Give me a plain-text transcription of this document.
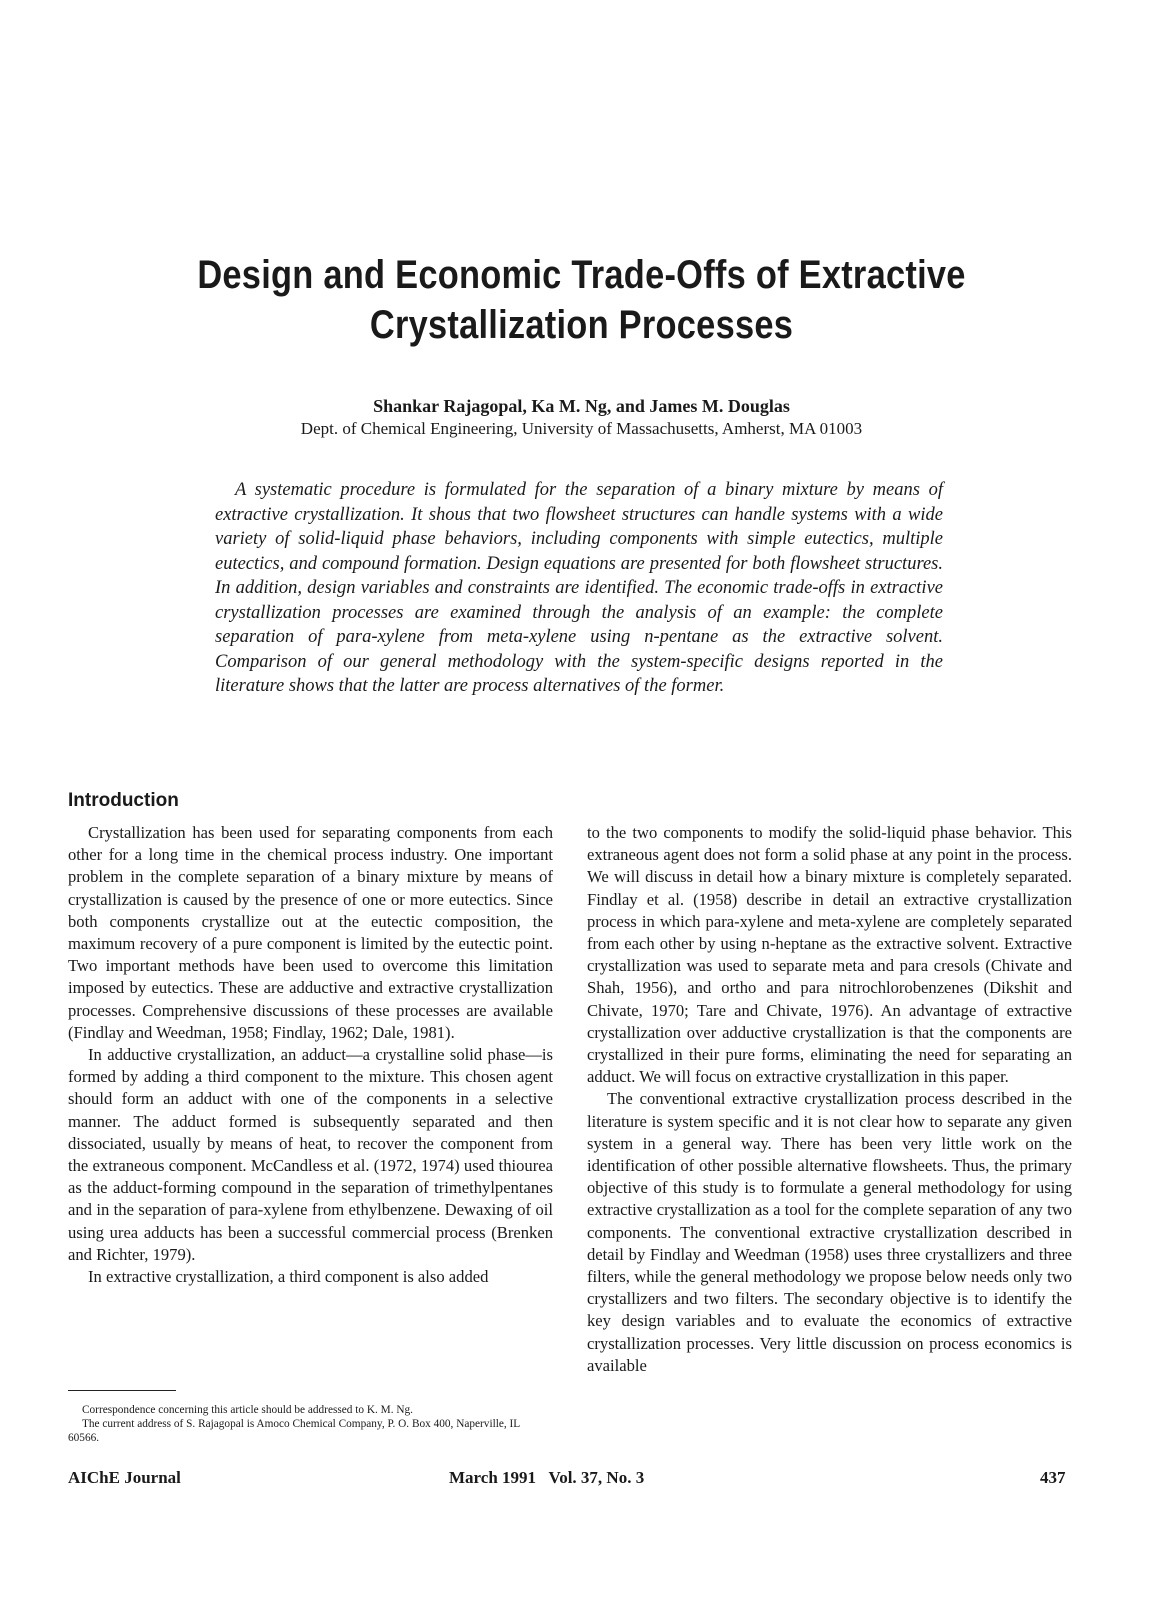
Design and Economic Trade-Offs of Extractive
Crystallization Processes
Shankar Rajagopal, Ka M. Ng, and James M. Douglas
Dept. of Chemical Engineering, University of Massachusetts, Amherst, MA 01003
A systematic procedure is formulated for the separation of a binary mixture by means of extractive crystallization. It shous that two flowsheet structures can handle systems with a wide variety of solid-liquid phase behaviors, including components with simple eutectics, multiple eutectics, and compound formation. Design equations are presented for both flowsheet structures. In addition, design variables and constraints are identified. The economic trade-offs in extractive crystallization processes are examined through the analysis of an example: the complete separation of para-xylene from meta-xylene using n-pentane as the extractive solvent. Comparison of our general methodology with the system-specific designs reported in the literature shows that the latter are process alternatives of the former.
Introduction

Crystallization has been used for separating components from each other for a long time in the chemical process industry. One important problem in the complete separation of a binary mixture by means of crystallization is caused by the presence of one or more eutectics. Since both components crystallize out at the eutectic composition, the maximum recovery of a pure component is limited by the eutectic point. Two important methods have been used to overcome this limitation imposed by eutectics. These are adductive and extractive crystallization processes. Comprehensive discussions of these processes are available (Findlay and Weedman, 1958; Findlay, 1962; Dale, 1981).

In adductive crystallization, an adduct—a crystalline solid phase—is formed by adding a third component to the mixture. This chosen agent should form an adduct with one of the components in a selective manner. The adduct formed is subsequently separated and then dissociated, usually by means of heat, to recover the component from the extraneous component. McCandless et al. (1972, 1974) used thiourea as the adduct-forming compound in the separation of trimethylpentanes and in the separation of para-xylene from ethylbenzene. Dewaxing of oil using urea adducts has been a successful commercial process (Brenken and Richter, 1979).

In extractive crystallization, a third component is also added

to the two components to modify the solid-liquid phase behavior. This extraneous agent does not form a solid phase at any point in the process. We will discuss in detail how a binary mixture is completely separated. Findlay et al. (1958) describe in detail an extractive crystallization process in which para-xylene and meta-xylene are completely separated from each other by using n-heptane as the extractive solvent. Extractive crystallization was used to separate meta and para cresols (Chivate and Shah, 1956), and ortho and para nitrochlorobenzenes (Dikshit and Chivate, 1970; Tare and Chivate, 1976). An advantage of extractive crystallization over adductive crystallization is that the components are crystallized in their pure forms, eliminating the need for separating an adduct. We will focus on extractive crystallization in this paper.

The conventional extractive crystallization process described in the literature is system specific and it is not clear how to separate any given system in a general way. There has been very little work on the identification of other possible alternative flowsheets. Thus, the primary objective of this study is to formulate a general methodology for using extractive crystallization as a tool for the complete separation of any two components. The conventional extractive crystallization described in detail by Findlay and Weedman (1958) uses three crystallizers and three filters, while the general methodology we propose below needs only two crystallizers and two filters. The secondary objective is to identify the key design variables and to evaluate the economics of extractive crystallization processes. Very little discussion on process economics is available

Correspondence concerning this article should be addressed to K. M. Ng.

The current address of S. Rajagopal is Amoco Chemical Company, P. O. Box 400, Naperville, IL 60566.

AIChE Journal	March 1991   Vol. 37, No. 3	437
